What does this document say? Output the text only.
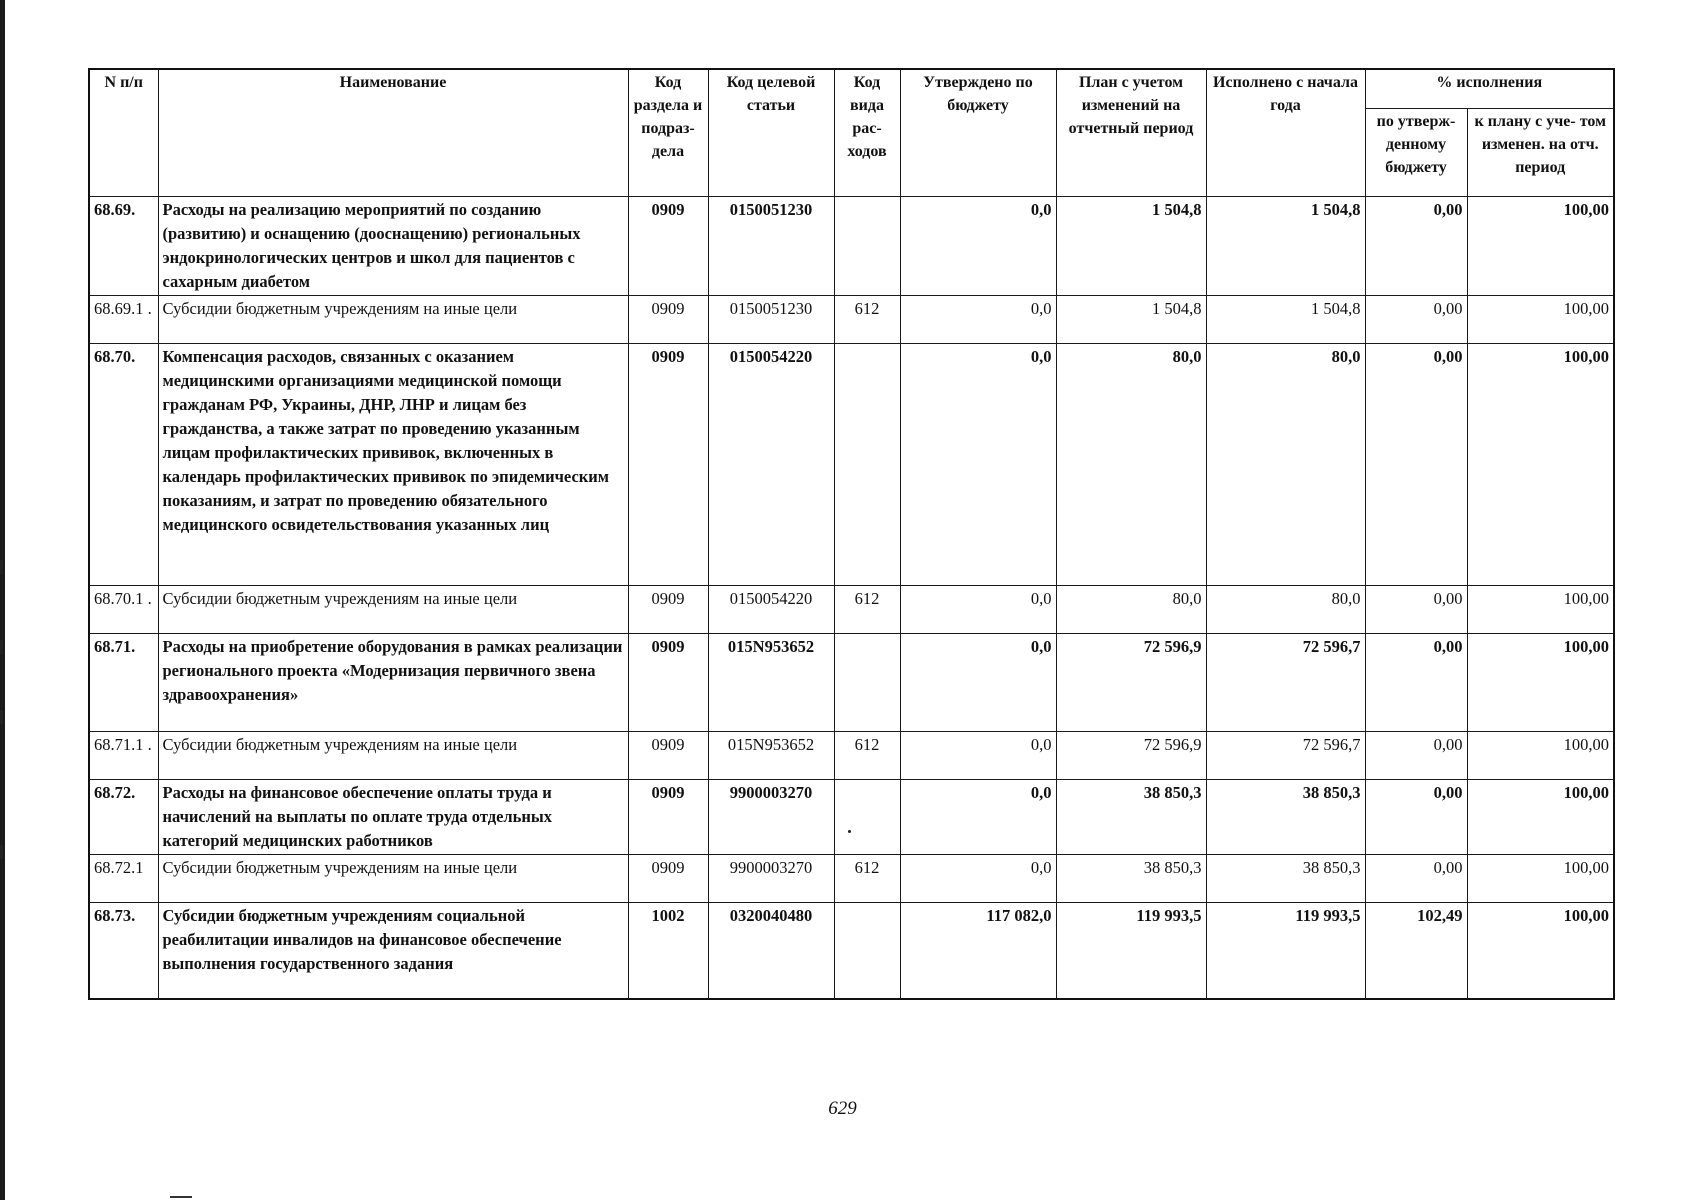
N п/п	Наименование	Код раздела и подраз- дела	Код целевой статьи	Код вида рас- ходов	Утверждено по бюджету	План с учетом изменений на отчетный период	Исполнено с начала года	% исполнения	
								по утверж- денному бюджету	к плану с уче- том изменен. на отч. период
68.69.	Расходы на реализацию мероприятий по созданию (развитию) и оснащению (дооснащению) региональных эндокринологических центров и школ для пациентов с сахарным диабетом	0909	0150051230		0,0	1 504,8	1 504,8	0,00	100,00
68.69.1 .	Субсидии бюджетным учреждениям на иные цели	0909	0150051230	612	0,0	1 504,8	1 504,8	0,00	100,00
68.70.	Компенсация расходов, связанных с оказанием медицинскими организациями медицинской помощи гражданам РФ, Украины, ДНР, ЛНР и лицам без гражданства, а также затрат по проведению указанным лицам профилактических прививок, включенных в календарь профилактических прививок по эпидемическим показаниям, и затрат по проведению обязательного медицинского освидетельствования указанных лиц	0909	0150054220		0,0	80,0	80,0	0,00	100,00
68.70.1 .	Субсидии бюджетным учреждениям на иные цели	0909	0150054220	612	0,0	80,0	80,0	0,00	100,00
68.71.	Расходы на приобретение оборудования в рамках реализации регионального проекта «Модернизация первичного звена здравоохранения»	0909	015N953652		0,0	72 596,9	72 596,7	0,00	100,00
68.71.1 .	Субсидии бюджетным учреждениям на иные цели	0909	015N953652	612	0,0	72 596,9	72 596,7	0,00	100,00
68.72.	Расходы на финансовое обеспечение оплаты труда и начислений на выплаты по оплате труда отдельных категорий медицинских работников	0909	9900003270		0,0	38 850,3	38 850,3	0,00	100,00
68.72.1	Субсидии бюджетным учреждениям на иные цели	0909	9900003270	612	0,0	38 850,3	38 850,3	0,00	100,00
68.73.	Субсидии бюджетным учреждениям социальной реабилитации инвалидов на финансовое обеспечение выполнения государственного задания	1002	0320040480		117 082,0	119 993,5	119 993,5	102,49	100,00
629
